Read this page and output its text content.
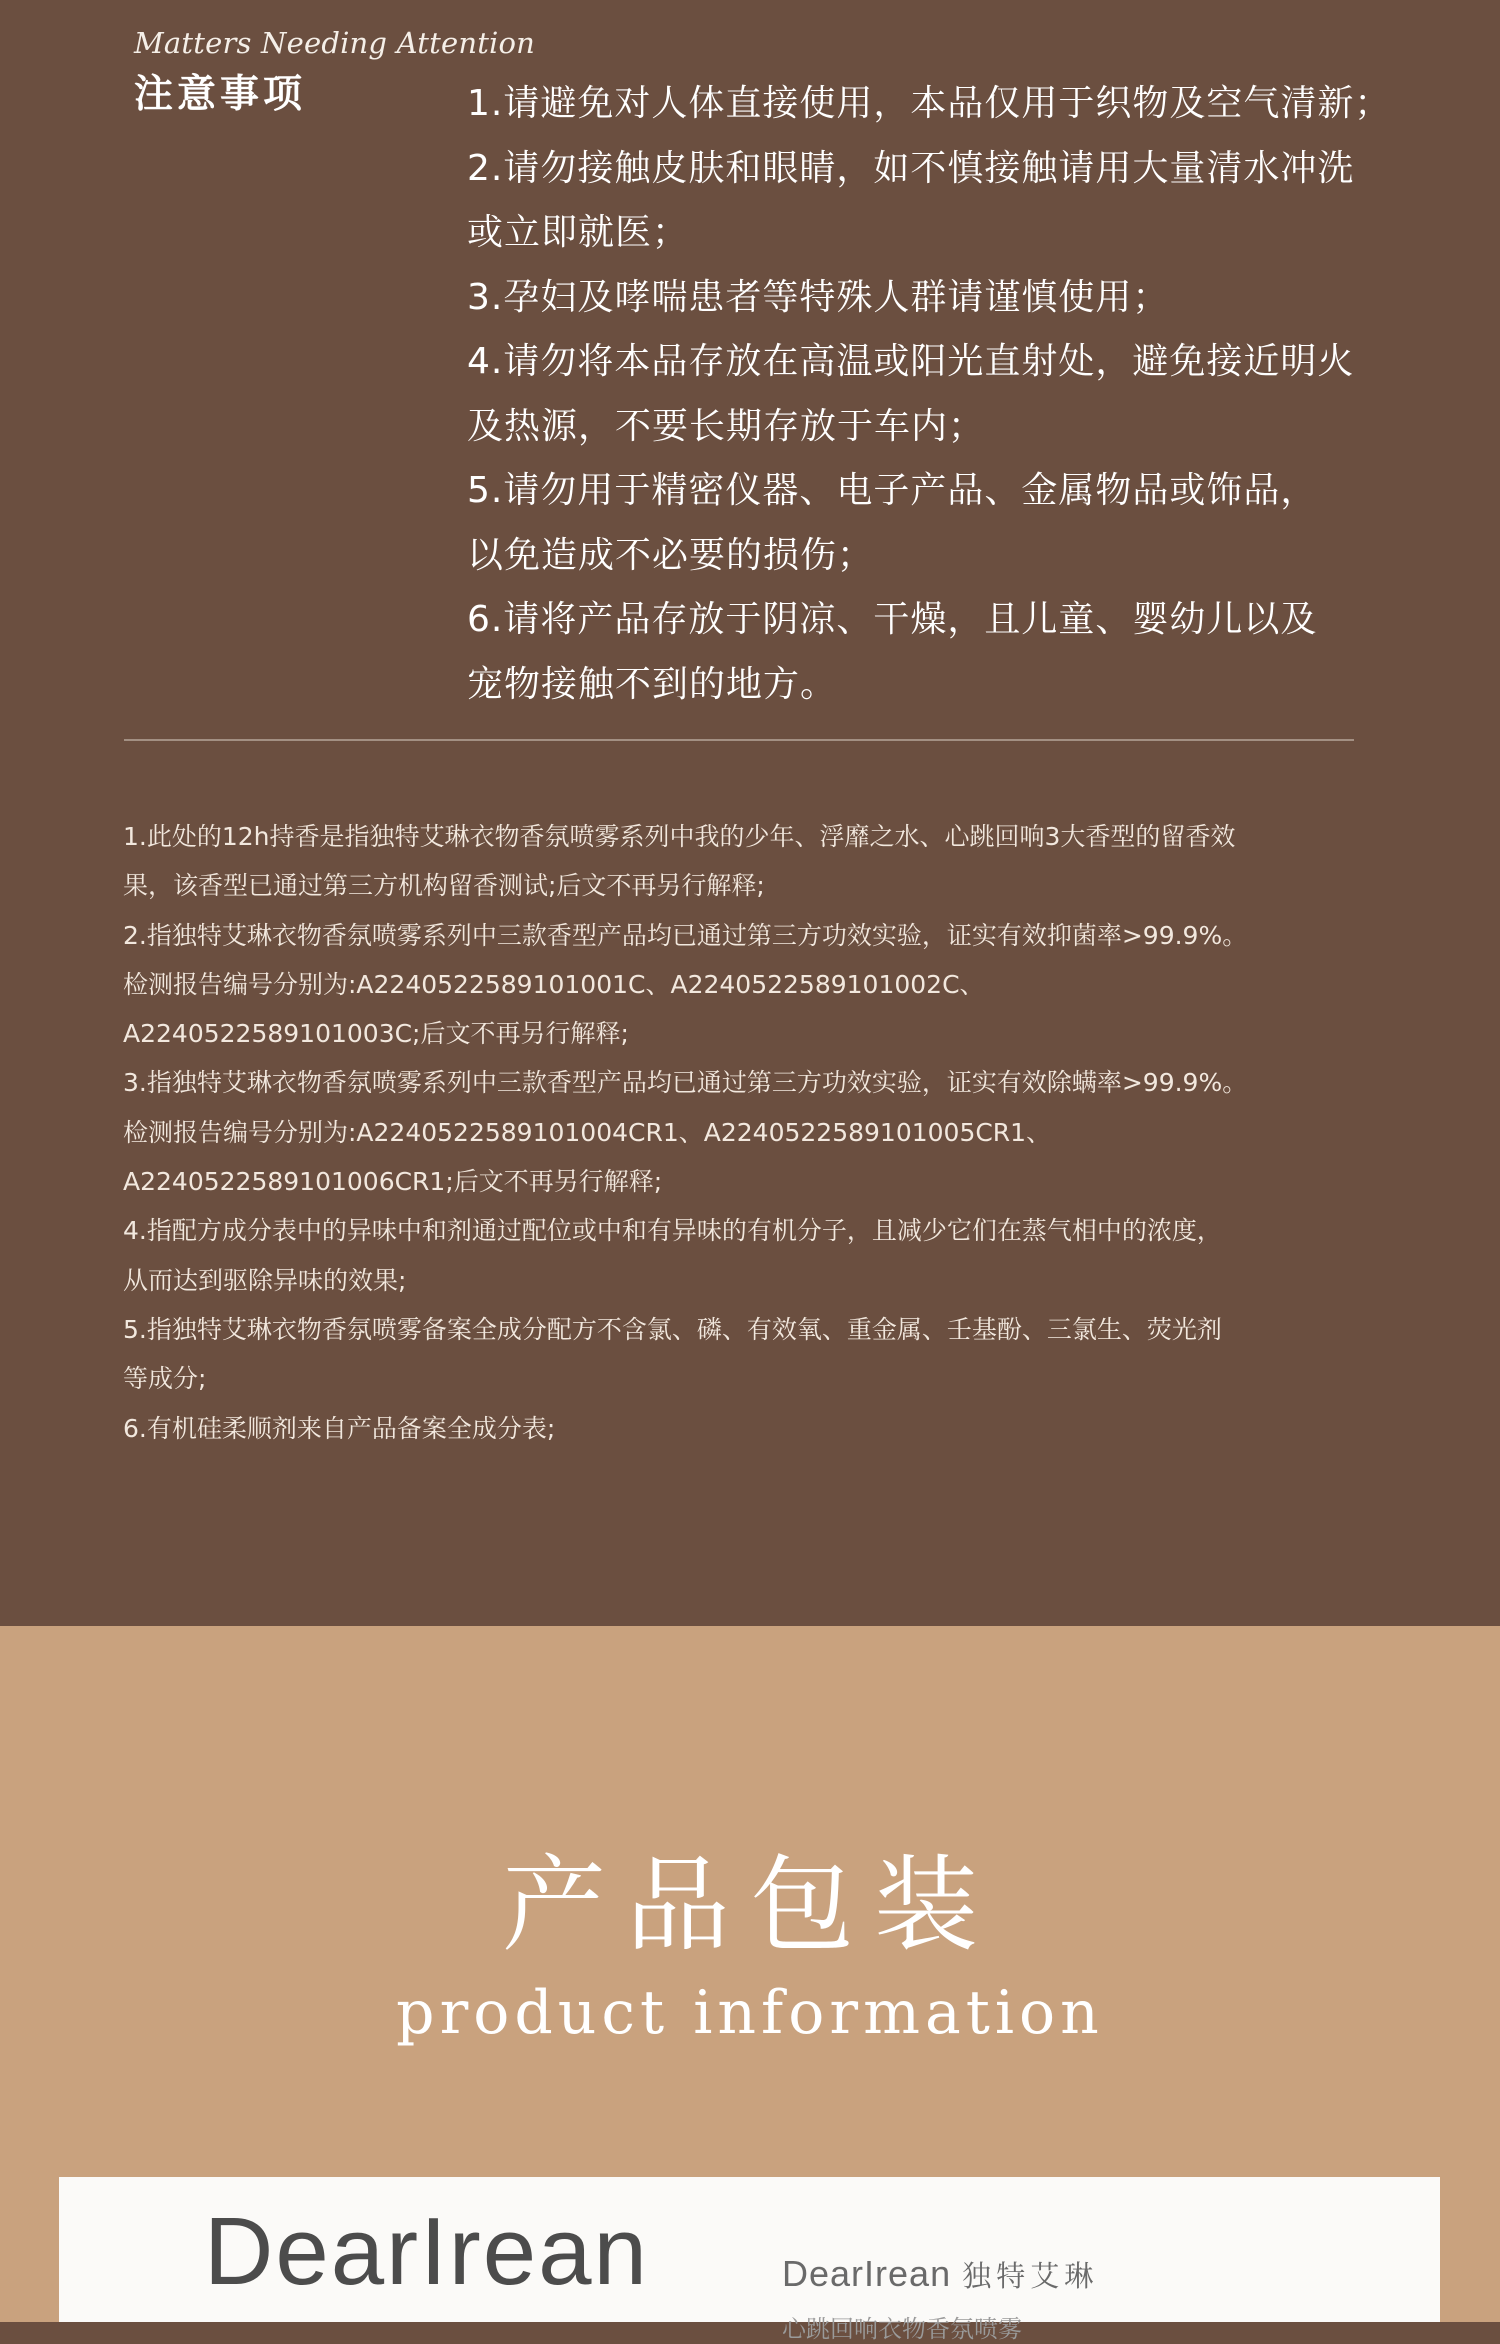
Matters Needing Attention
注意事项	1.请避免对人体直接使用，本品仅用于织物及空气清新；
2.请勿接触皮肤和眼睛，如不慎接触请用大量清水冲洗
或立即就医；
3.孕妇及哮喘患者等特殊人群请谨慎使用；
4.请勿将本品存放在高温或阳光直射处，避免接近明火
及热源，不要长期存放于车内；
5.请勿用于精密仪器、电子产品、金属物品或饰品，
以免造成不必要的损伤；
6.请将产品存放于阴凉、干燥，且儿童、婴幼儿以及
宠物接触不到的地方。
1.此处的12h持香是指独特艾琳衣物香氛喷雾系列中我的少年、浮靡之水、心跳回响3大香型的留香效
果，该香型已通过第三方机构留香测试;后文不再另行解释;
2.指独特艾琳衣物香氛喷雾系列中三款香型产品均已通过第三方功效实验，证实有效抑菌率>99.9%。
检测报告编号分别为:A2240522589101001C、A2240522589101002C、
A2240522589101003C;后文不再另行解释;
3.指独特艾琳衣物香氛喷雾系列中三款香型产品均已通过第三方功效实验，证实有效除螨率>99.9%。
检测报告编号分别为:A2240522589101004CR1、A2240522589101005CR1、
A2240522589101006CR1;后文不再另行解释;
4.指配方成分表中的异味中和剂通过配位或中和有异味的有机分子，且减少它们在蒸气相中的浓度，
从而达到驱除异味的效果;
5.指独特艾琳衣物香氛喷雾备案全成分配方不含氯、磷、有效氧、重金属、壬基酚、三氯生、荧光剂
等成分;
6.有机硅柔顺剂来自产品备案全成分表;
产品包装
product information
DearIrean	DearIrean 独特艾琳
心跳回响衣物香氛喷雾
